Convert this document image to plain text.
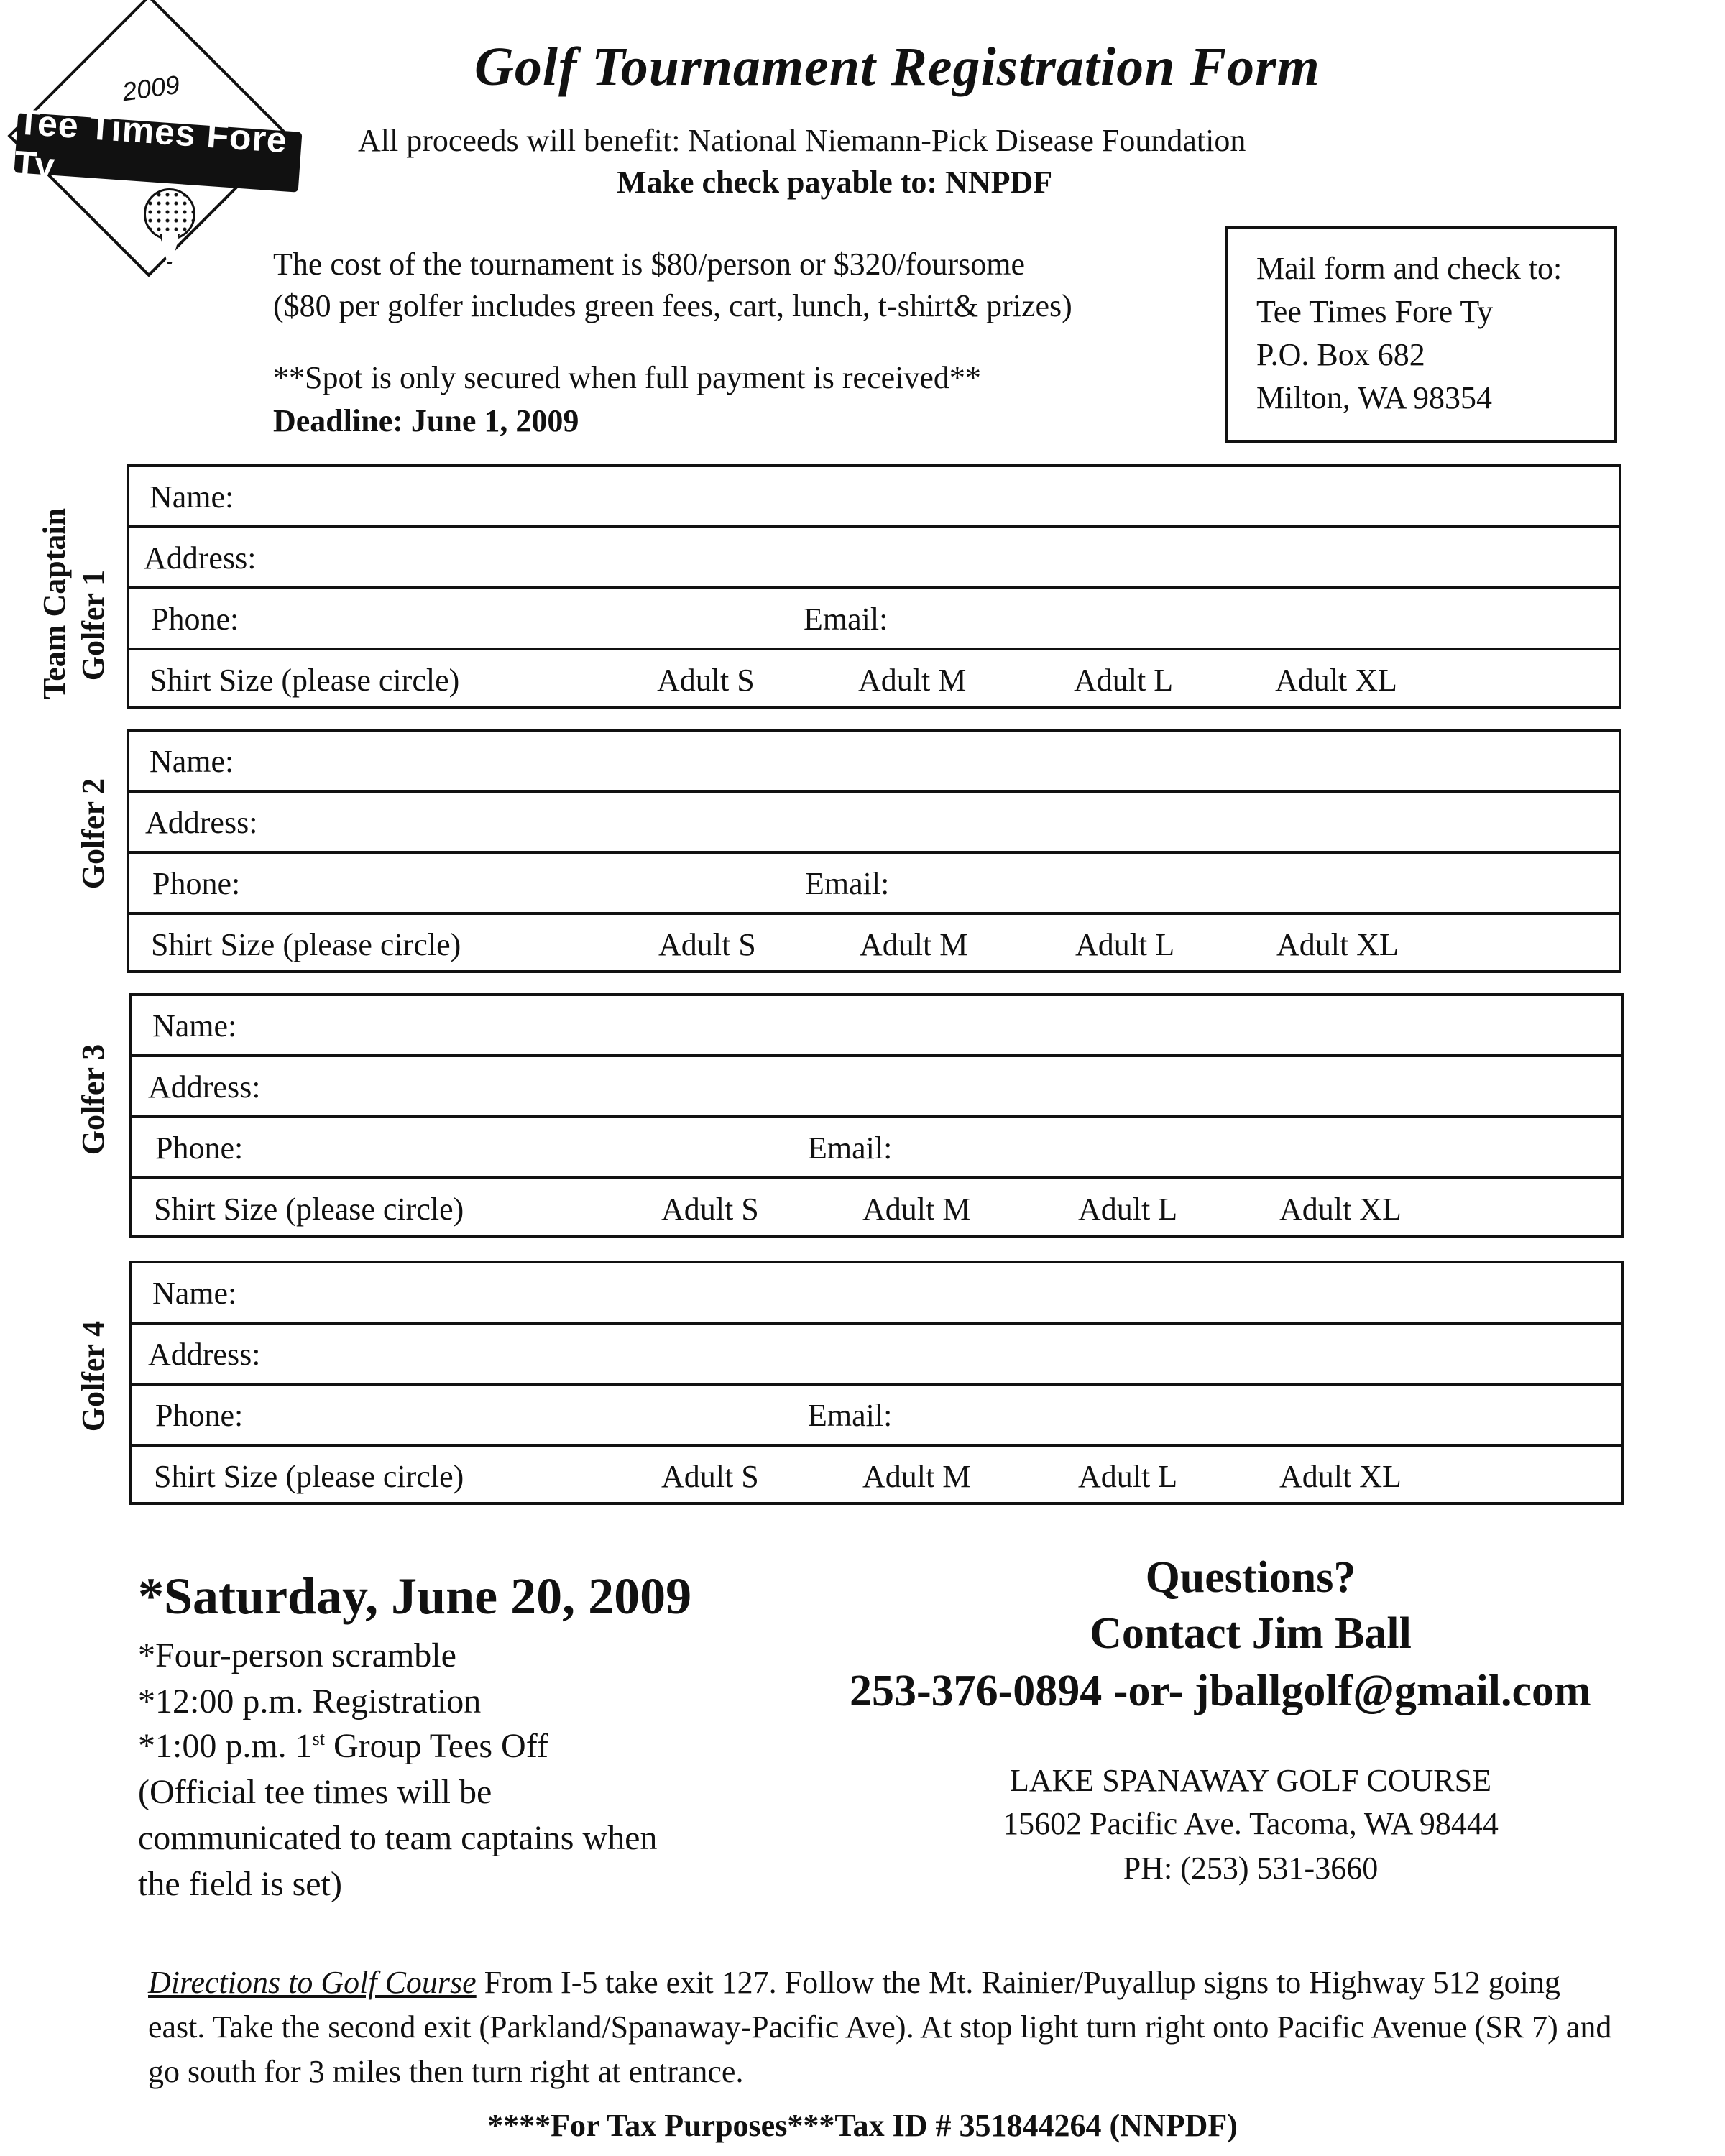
2009
Tee Times Fore Ty
Golf Tournament Registration Form
All proceeds will benefit: National Niemann-Pick Disease Foundation
Make check payable to: NNPDF
The cost of the tournament is $80/person or $320/foursome
($80 per golfer includes green fees, cart, lunch, t-shirt& prizes)
**Spot is only secured when full payment is received**
Deadline: June 1, 2009
Mail form and check to:
Tee Times Fore Ty
P.O. Box 682
Milton, WA 98354
Team Captain Golfer 1
Name:
Address:
Phone:	Email:
Shirt Size (please circle)	Adult S	Adult M	Adult L	Adult XL
Golfer 2
Name:
Address:
Phone:	Email:
Shirt Size (please circle)	Adult S	Adult M	Adult L	Adult XL
Golfer 3
Name:
Address:
Phone:	Email:
Shirt Size (please circle)	Adult S	Adult M	Adult L	Adult XL
Golfer 4
Name:
Address:
Phone:	Email:
Shirt Size (please circle)	Adult S	Adult M	Adult L	Adult XL
*Saturday, June 20, 2009
*Four-person scramble
*12:00 p.m. Registration
*1:00 p.m. 1st Group Tees Off
(Official tee times will be
communicated to team captains when
the field is set)
Questions?
Contact Jim Ball
253-376-0894 -or- jballgolf@gmail.com
LAKE SPANAWAY GOLF COURSE
15602 Pacific Ave. Tacoma, WA 98444
PH: (253) 531-3660
Directions to Golf Course From I-5 take exit 127. Follow the Mt. Rainier/Puyallup signs to Highway 512 going east. Take the second exit (Parkland/Spanaway-Pacific Ave). At stop light turn right onto Pacific Avenue (SR 7) and go south for 3 miles then turn right at entrance.
****For Tax Purposes***Tax ID # 351844264 (NNPDF)
